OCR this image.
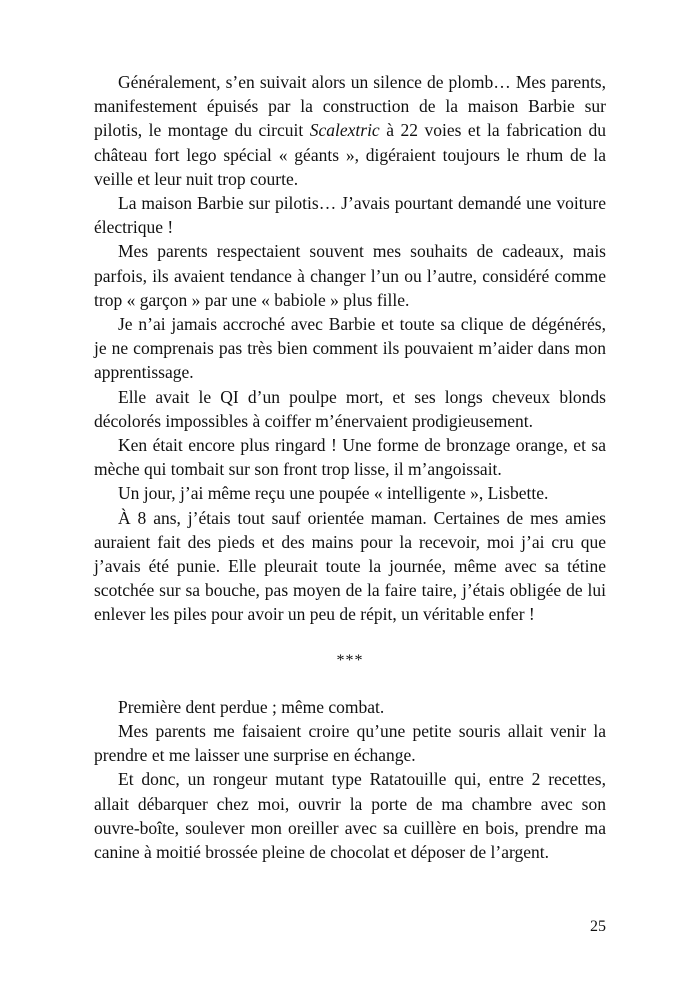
Généralement, s’en suivait alors un silence de plomb… Mes parents, manifestement épuisés par la construction de la maison Barbie sur pilotis, le montage du circuit Scalextric à 22 voies et la fabrication du château fort lego spécial « géants », digéraient toujours le rhum de la veille et leur nuit trop courte.

La maison Barbie sur pilotis… J’avais pourtant demandé une voiture électrique !

Mes parents respectaient souvent mes souhaits de cadeaux, mais parfois, ils avaient tendance à changer l’un ou l’autre, considéré comme trop « garçon » par une « babiole » plus fille.

Je n’ai jamais accroché avec Barbie et toute sa clique de dégénérés, je ne comprenais pas très bien comment ils pouvaient m’aider dans mon apprentissage.

Elle avait le QI d’un poulpe mort, et ses longs cheveux blonds décolorés impossibles à coiffer m’énervaient prodigieusement.

Ken était encore plus ringard ! Une forme de bronzage orange, et sa mèche qui tombait sur son front trop lisse, il m’angoissait.

Un jour, j’ai même reçu une poupée « intelligente », Lisbette.

À 8 ans, j’étais tout sauf orientée maman. Certaines de mes amies auraient fait des pieds et des mains pour la recevoir, moi j’ai cru que j’avais été punie. Elle pleurait toute la journée, même avec sa tétine scotchée sur sa bouche, pas moyen de la faire taire, j’étais obligée de lui enlever les piles pour avoir un peu de répit, un véritable enfer !

***

Première dent perdue ; même combat.

Mes parents me faisaient croire qu’une petite souris allait venir la prendre et me laisser une surprise en échange.

Et donc, un rongeur mutant type Ratatouille qui, entre 2 recettes, allait débarquer chez moi, ouvrir la porte de ma chambre avec son ouvre-boîte, soulever mon oreiller avec sa cuillère en bois, prendre ma canine à moitié brossée pleine de chocolat et déposer de l’argent.

25
